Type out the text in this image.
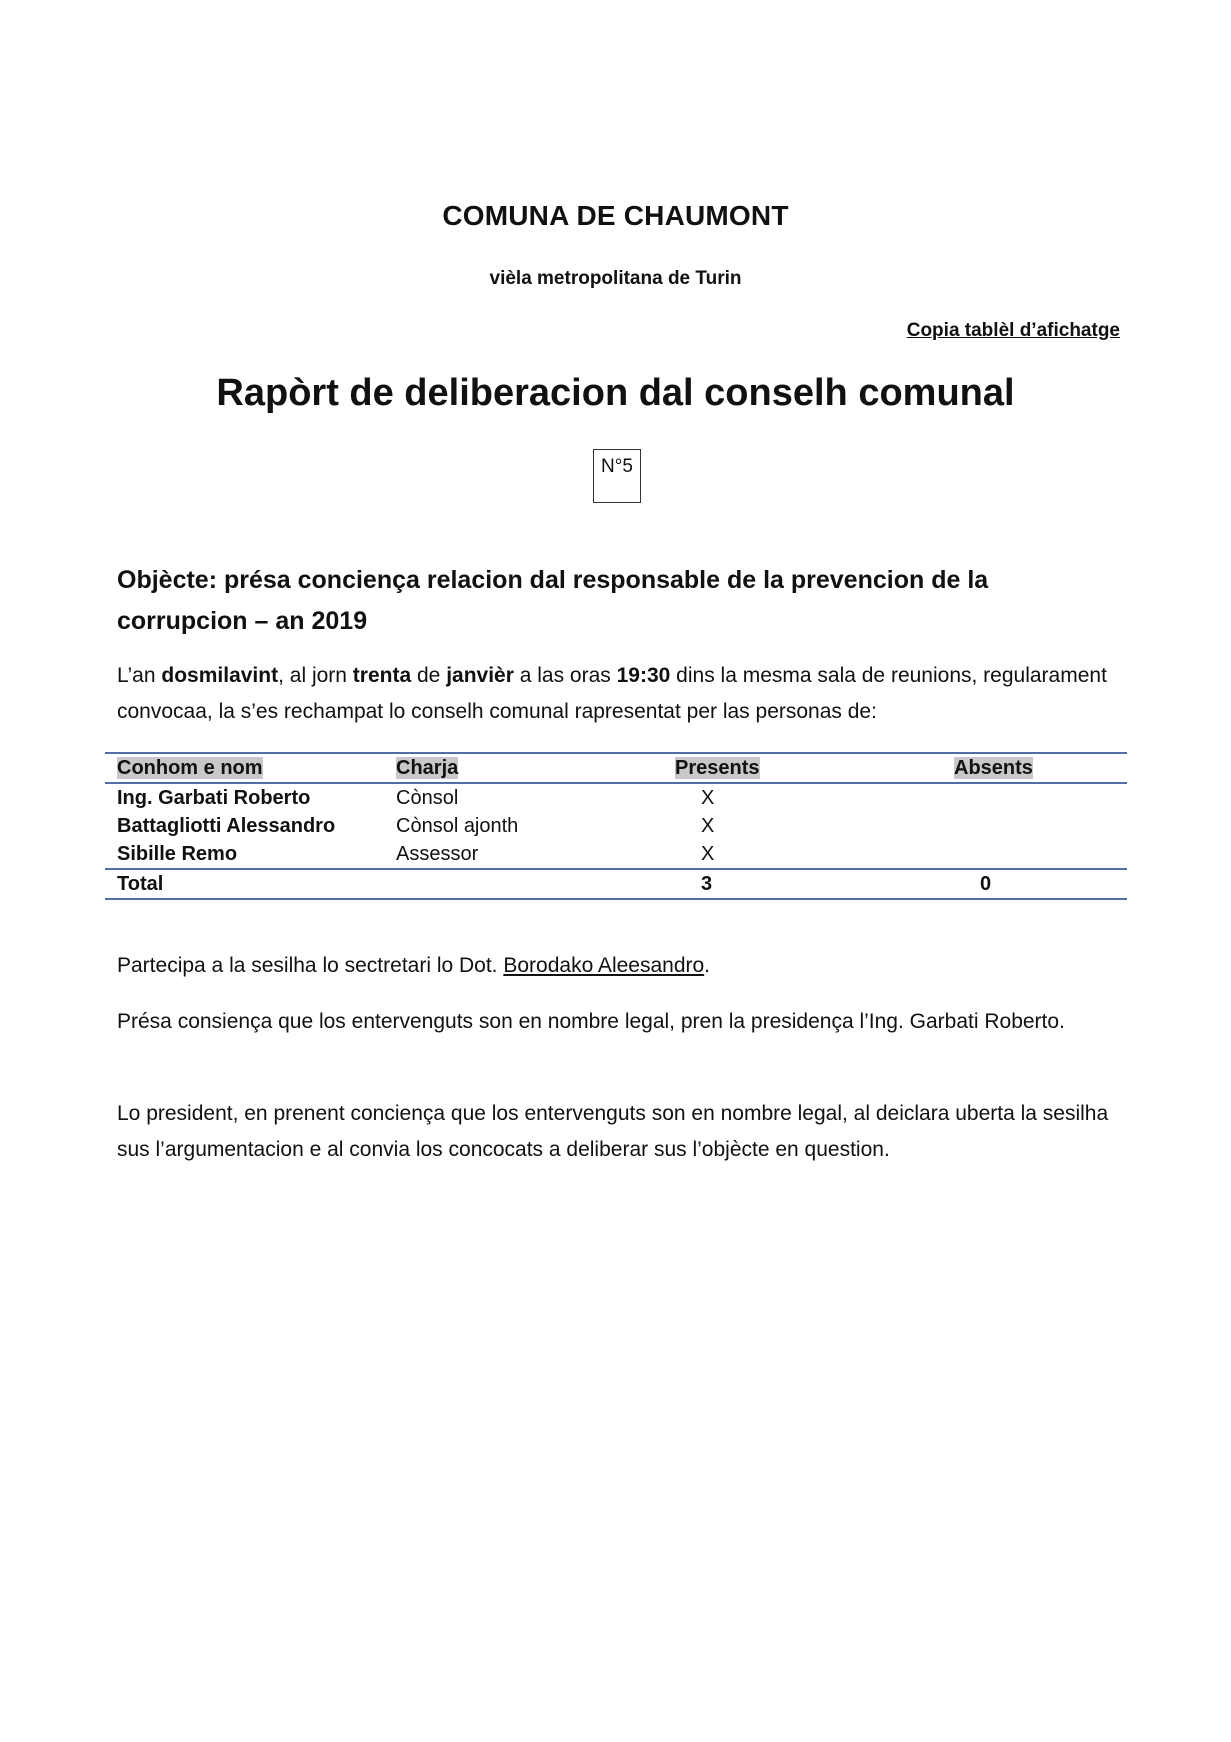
COMUNA DE CHAUMONT
vièla metropolitana de Turin
Copia tablèl d’afichatge
Rapòrt de deliberacion dal conselh comunal
N°5
Objècte: présa conciença relacion dal responsable de la prevencion de la corrupcion – an 2019
L’an dosmilavint, al jorn trenta de janvièr a las oras 19:30 dins la mesma sala de reunions, regularament convocaa, la s’es rechampat lo conselh comunal rapresentat per las personas de:
Conhom e nom	Charja	Presents	Absents
Ing. Garbati Roberto	Cònsol	X	
Battagliotti Alessandro	Cònsol ajonth	X	
Sibille Remo	Assessor	X	
Total		3	0
Partecipa a la sesilha lo sectretari lo Dot. Borodako Aleesandro.
Présa consiença que los entervenguts son en nombre legal, pren la presidença l’Ing. Garbati Roberto.
Lo president, en prenent conciença que los entervenguts son en nombre legal, al deiclara uberta la sesilha sus l’argumentacion e al convia los concocats a deliberar sus l’objècte en question.
